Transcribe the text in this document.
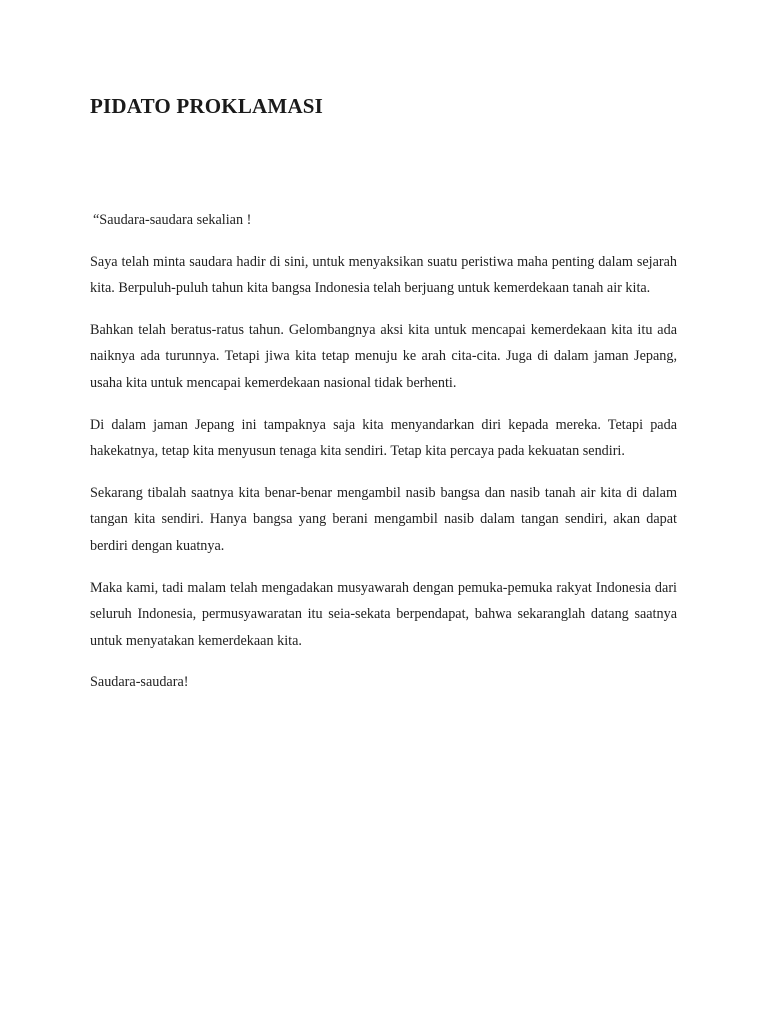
PIDATO PROKLAMASI

“Saudara-saudara sekalian !

Saya telah minta saudara hadir di sini, untuk menyaksikan suatu peristiwa maha penting dalam sejarah kita. Berpuluh-puluh tahun kita bangsa Indonesia telah berjuang untuk kemerdekaan tanah air kita.

Bahkan telah beratus-ratus tahun. Gelombangnya aksi kita untuk mencapai kemerdekaan kita itu ada naiknya ada turunnya. Tetapi jiwa kita tetap menuju ke arah cita-cita. Juga di dalam jaman Jepang, usaha kita untuk mencapai kemerdekaan nasional tidak berhenti.

Di dalam jaman Jepang ini tampaknya saja kita menyandarkan diri kepada mereka. Tetapi pada hakekatnya, tetap kita menyusun tenaga kita sendiri. Tetap kita percaya pada kekuatan sendiri.

Sekarang tibalah saatnya kita benar-benar mengambil nasib bangsa dan nasib tanah air kita di dalam tangan kita sendiri. Hanya bangsa yang berani mengambil nasib dalam tangan sendiri, akan dapat berdiri dengan kuatnya.

Maka kami, tadi malam telah mengadakan musyawarah dengan pemuka-pemuka rakyat Indonesia dari seluruh Indonesia, permusyawaratan itu seia-sekata berpendapat, bahwa sekaranglah datang saatnya untuk menyatakan kemerdekaan kita.

Saudara-saudara!
